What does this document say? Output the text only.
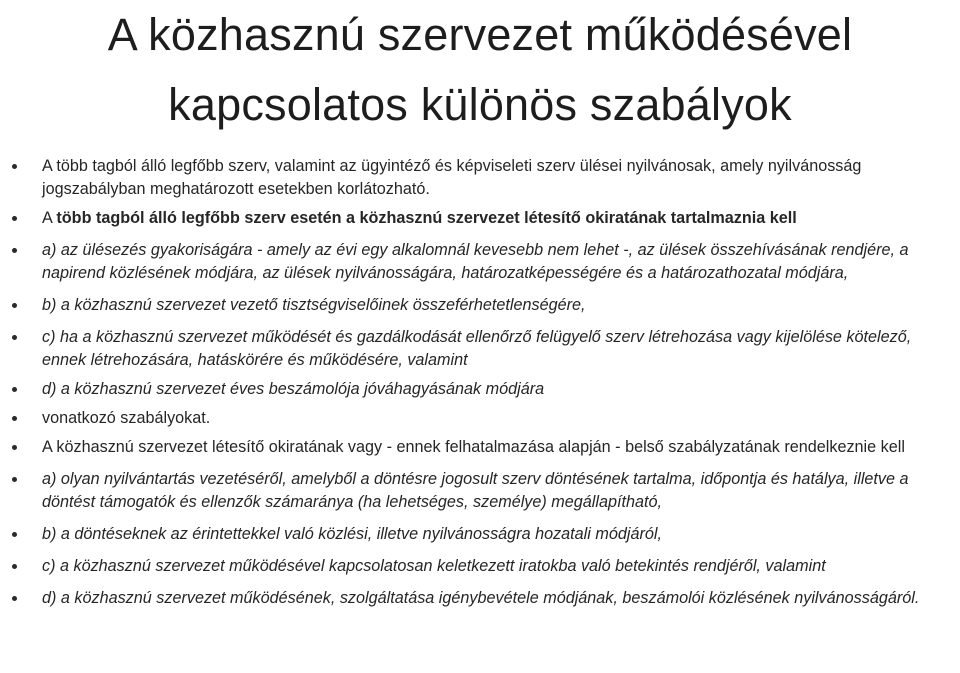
A közhasznú szervezet működésével
kapcsolatos különös szabályok
A több tagból álló legfőbb szerv, valamint az ügyintéző és képviseleti szerv ülései nyilvánosak, amely nyilvánosság jogszabályban meghatározott esetekben korlátozható.
A több tagból álló legfőbb szerv esetén a közhasznú szervezet létesítő okiratának tartalmaznia kell
a) az ülésezés gyakoriságára - amely az évi egy alkalomnál kevesebb nem lehet -, az ülések összehívásának rendjére, a napirend közlésének módjára, az ülések nyilvánosságára, határozatképességére és a határozathozatal módjára,
b) a közhasznú szervezet vezető tisztségviselőinek összeférhetetlenségére,
c) ha a közhasznú szervezet működését és gazdálkodását ellenőrző felügyelő szerv létrehozása vagy kijelölése kötelező, ennek létrehozására, hatáskörére és működésére, valamint
d) a közhasznú szervezet éves beszámolója jóváhagyásának módjára
vonatkozó szabályokat.
A közhasznú szervezet létesítő okiratának vagy - ennek felhatalmazása alapján - belső szabályzatának rendelkeznie kell
a) olyan nyilvántartás vezetéséről, amelyből a döntésre jogosult szerv döntésének tartalma, időpontja és hatálya, illetve a döntést támogatók és ellenzők számaránya (ha lehetséges, személye) megállapítható,
b) a döntéseknek az érintettekkel való közlési, illetve nyilvánosságra hozatali módjáról,
c) a közhasznú szervezet működésével kapcsolatosan keletkezett iratokba való betekintés rendjéről, valamint
d) a közhasznú szervezet működésének, szolgáltatása igénybevétele módjának, beszámolói közlésének nyilvánosságáról.
